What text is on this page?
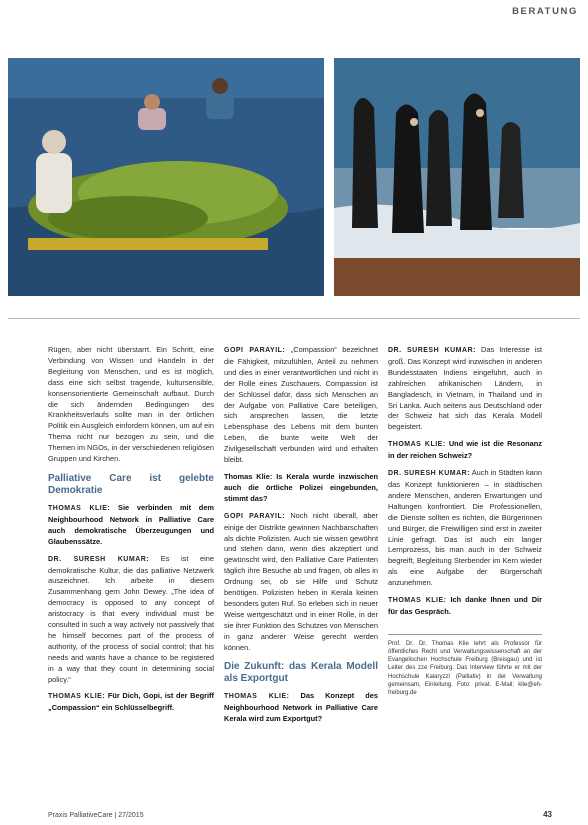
BERATUNG

Rügen, aber nicht überstarrt. Ein Schritt, eine Verbindung von Wissen und Handeln in der Begleitung von Menschen, und es ist möglich, dass eine sich selbst tragende, kultursensible, konsensorientierte Gemeinschaft aufbaut. Durch die sich ändernden Bedingungen des Krankheitsverlaufs sollte man in der örtlichen Politik ein Ausgleich einfordern können, um auf ein Thema nicht nur bezogen zu sein, und die Themen im NGOs, in der verschiedenen religiösen Gruppen und Kirchen.

Palliative Care ist gelebte Demokratie

THOMAS KLIE: Sie verbinden mit dem Neighbourhood Network in Palliative Care auch demokratische Überzeugungen und Glaubenssätze.

DR. SURESH KUMAR: Es ist eine demokratische Kultur, die das palliative Netzwerk auszeichnet. Ich arbeite in diesem Zusammenhang gern John Dewey. „The idea of democracy is opposed to any concept of aristocracy is that every individual must be consulted in such a way actively not passively that he himself becomes part of the process of authority, of the process of social control; that his needs and wants have a chance to be registered in a way that they count in determining social policy.“

THOMAS KLIE: Für Dich, Gopi, ist der Begriff „Compassion“ ein Schlüsselbegriff.

GOPI PARAYIL: „Compassion“ bezeichnet die Fähigkeit, mitzufühlen, Anteil zu nehmen und dies in einer verantwortlichen und nicht in der Rolle eines Zuschauers. Compassion ist der Schlüssel dafür, dass sich Menschen an der Aufgabe von Palliative Care beteiligen, sich ansprechen lassen, die letzte Lebensphase des Lebens mit dem bunten Leben, die bunte weite Welt der Zivilgesellschaft verbunden wird und erhalten bleibt.

Thomas Klie: Is Kerala wurde inzwischen auch die örtliche Polizei eingebunden, stimmt das?

GOPI PARAYIL: Noch nicht überall, aber einige der Distrikte gewinnen Nachbarschaften als dichte Polizisten. Auch sie wissen gewöhnt und stehen dann, wenn dies akzeptiert und gewünscht wird, den Palliative Care Patienten täglich ihre Besuche ab und fragen, ob alles in Ordnung sei, ob sie Hilfe und Schutz benötigen. Polizisten heben in Kerala keinen besonders guten Ruf. So erleben sich in neuer Weise wertgeschätzt und in einer Rolle, in der sie ihrer Funktion des Schutzes von Menschen in ganz anderer Weise gerecht werden können.

Die Zukunft: das Kerala Modell als Exportgut

THOMAS KLIE: Das Konzept des Neighbourhood Network in Palliative Care Kerala wird zum Exportgut?

DR. SURESH KUMAR: Das Interesse ist groß. Das Konzept wird inzwischen in anderen Bundesstaaten Indiens eingeführt, auch in zahlreichen afrikanischen Ländern, in Bangladesch, in Vietnam, in Thailand und in Sri Lanka. Auch seitens aus Deutschland oder der Schweiz hat sich das Kerala Modell begeistert.

THOMAS KLIE: Und wie ist die Resonanz in der reichen Schweiz?

DR. SURESH KUMAR: Auch in Städten kann das Konzept funktionieren – in städtischen andere Menschen, anderen Erwartungen und Haltungen konfrontiert. Die Professionellen, die Dienste sollten es richten, die Bürgerinnen und Bürger, die Freiwilligen sind erst in zweiter Linie gefragt. Das ist auch ein langer Lernprozess, bis man auch in der Schweiz begreift, Begleitung Sterbender im Kern wieder als eine Aufgabe der Bürgerschaft anzunehmen.

THOMAS KLIE: Ich danke Ihnen und Dir für das Gespräch.

Prof. Dr. Dr. Thomas Klie lehrt als Professor für öffentliches Recht und Verwaltungswissenschaft an der Evangelischen Hochschule Freiburg (Breisgau) und ist Leiter des zze Freiburg. Das Interview führte er mit der Hochschule Kalaryzzl (Palliativ) in der Verwaltung gemeinsam, Einleitung. Foto: privat. E-Mail: klie@eh-freiburg.de
Praxis PalliativeCare | 27/2015	43
